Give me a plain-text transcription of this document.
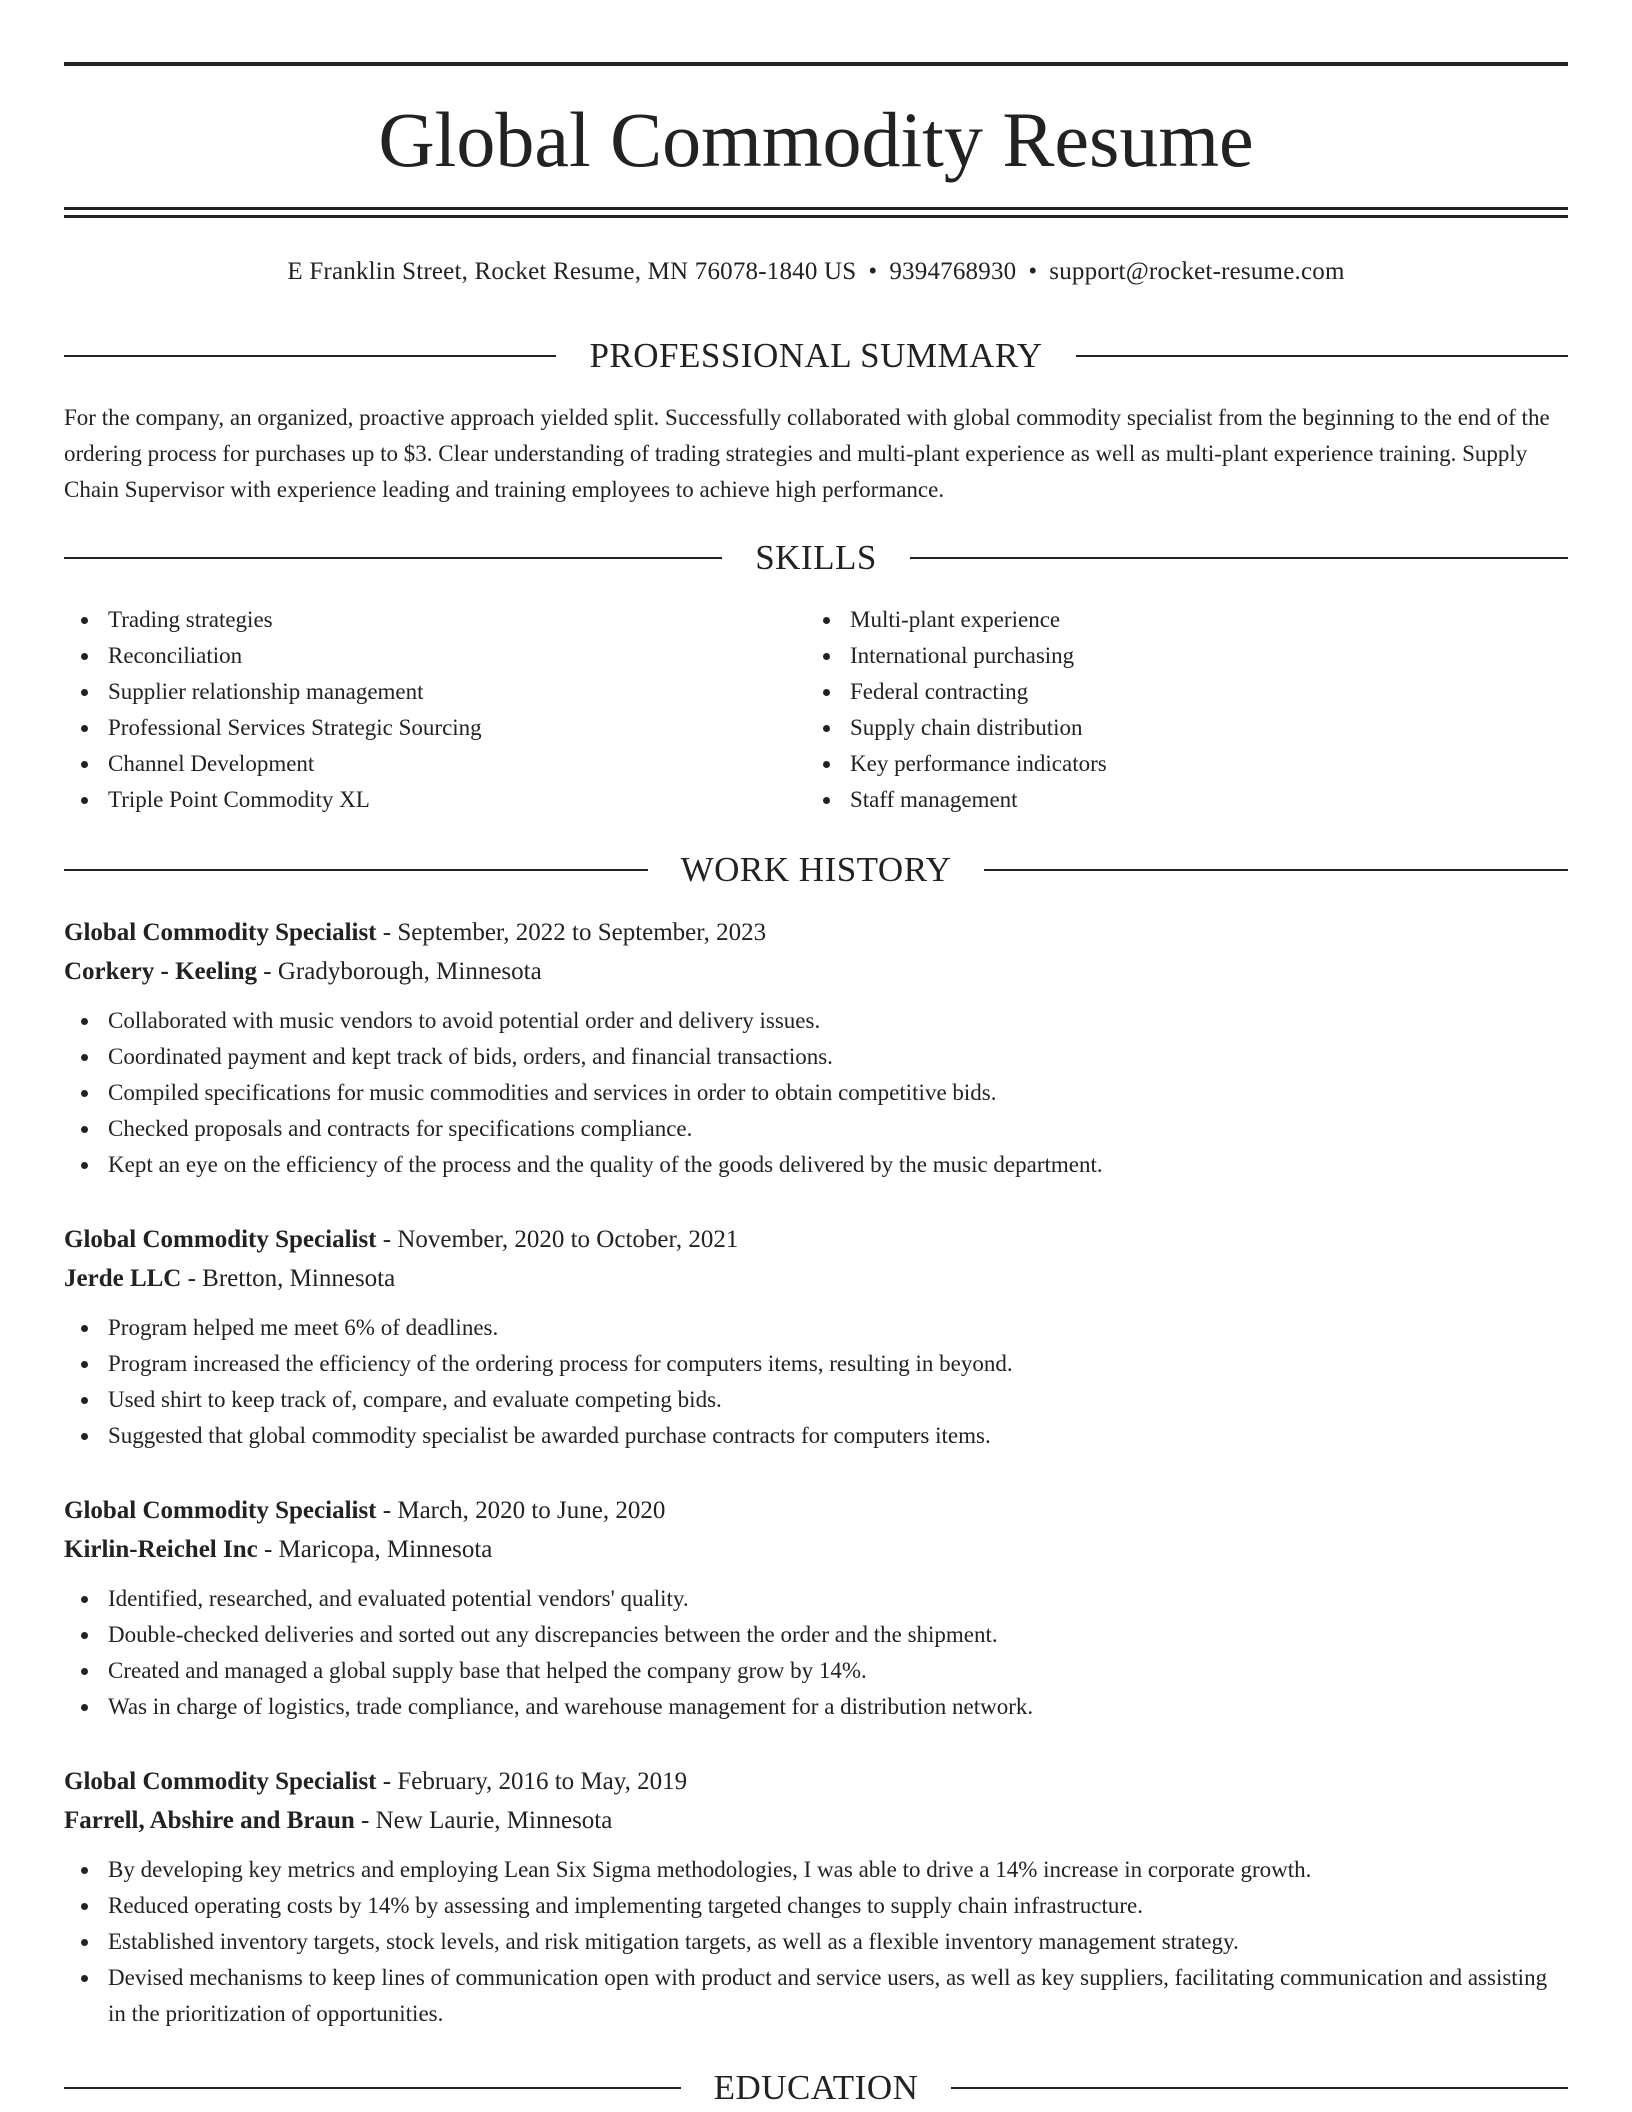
Global Commodity Resume
E Franklin Street, Rocket Resume, MN 76078-1840 US • 9394768930 • support@rocket-resume.com
PROFESSIONAL SUMMARY

For the company, an organized, proactive approach yielded split. Successfully collaborated with global commodity specialist from the beginning to the end of the ordering process for purchases up to $3. Clear understanding of trading strategies and multi-plant experience as well as multi-plant experience training. Supply Chain Supervisor with experience leading and training employees to achieve high performance.

SKILLS
Trading strategies
Reconciliation
Supplier relationship management
Professional Services Strategic Sourcing
Channel Development
Triple Point Commodity XL
Multi-plant experience
International purchasing
Federal contracting
Supply chain distribution
Key performance indicators
Staff management
WORK HISTORY
Global Commodity Specialist - September, 2022 to September, 2023
Corkery - Keeling - Gradyborough, Minnesota
Collaborated with music vendors to avoid potential order and delivery issues.
Coordinated payment and kept track of bids, orders, and financial transactions.
Compiled specifications for music commodities and services in order to obtain competitive bids.
Checked proposals and contracts for specifications compliance.
Kept an eye on the efficiency of the process and the quality of the goods delivered by the music department.
Global Commodity Specialist - November, 2020 to October, 2021
Jerde LLC - Bretton, Minnesota
Program helped me meet 6% of deadlines.
Program increased the efficiency of the ordering process for computers items, resulting in beyond.
Used shirt to keep track of, compare, and evaluate competing bids.
Suggested that global commodity specialist be awarded purchase contracts for computers items.
Global Commodity Specialist - March, 2020 to June, 2020
Kirlin-Reichel Inc - Maricopa, Minnesota
Identified, researched, and evaluated potential vendors' quality.
Double-checked deliveries and sorted out any discrepancies between the order and the shipment.
Created and managed a global supply base that helped the company grow by 14%.
Was in charge of logistics, trade compliance, and warehouse management for a distribution network.
Global Commodity Specialist - February, 2016 to May, 2019
Farrell, Abshire and Braun - New Laurie, Minnesota
By developing key metrics and employing Lean Six Sigma methodologies, I was able to drive a 14% increase in corporate growth.
Reduced operating costs by 14% by assessing and implementing targeted changes to supply chain infrastructure.
Established inventory targets, stock levels, and risk mitigation targets, as well as a flexible inventory management strategy.
Devised mechanisms to keep lines of communication open with product and service users, as well as key suppliers, facilitating communication and assisting in the prioritization of opportunities.
EDUCATION
